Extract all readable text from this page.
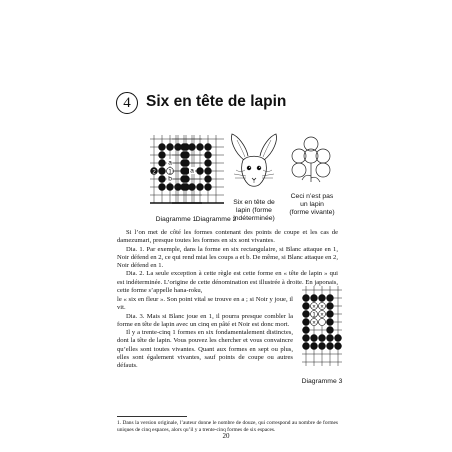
4 Six en tête de lapin
2 1
a
b
Diagramme 1
a
Diagramme 2
Six en tête de
lapin (forme
indéterminée)
Ceci n’est pas
un lapin
(forme vivante)

Si l’on met de côté les formes contenant des points de coupe et les cas de damezumari, presque toutes les formes en six sont vivantes.

Dia. 1. Par exemple, dans la forme en six rectangulaire, si Blanc attaque en 1, Noir défend en 2, ce qui rend miai les coups a et b. De même, si Blanc attaque en 2, Noir défend en 1.

Dia. 2. La seule exception à cette règle est cette forme en « tête de lapin » qui est indéterminée. L’origine de cette dénomination est illustrée à droite. En japonais, cette forme s’appelle hana-roku,

le « six en fleur ». Son point vital se trouve en a ; si Noir y joue, il vit.

Dia. 3. Mais si Blanc joue en 1, il pourra presque combler la forme en tête de lapin avec un cinq en pâté et Noir est donc mort.

Il y a trente-cinq 1 formes en six fondamentalement distinctes, dont la tête de lapin. Vous pouvez les chercher et vous convaincre qu’elles sont toutes vivantes. Quant aux formes en sept ou plus, elles sont également vivantes, sauf points de coupe ou autres défauts.

× ×
1 ×
×
Diagramme 3
1. Dans la version originale, l’auteur donne le nombre de douze, qui correspond au nombre de formes uniques de cinq espaces, alors qu’il y a trente-cinq formes de six espaces.
20
